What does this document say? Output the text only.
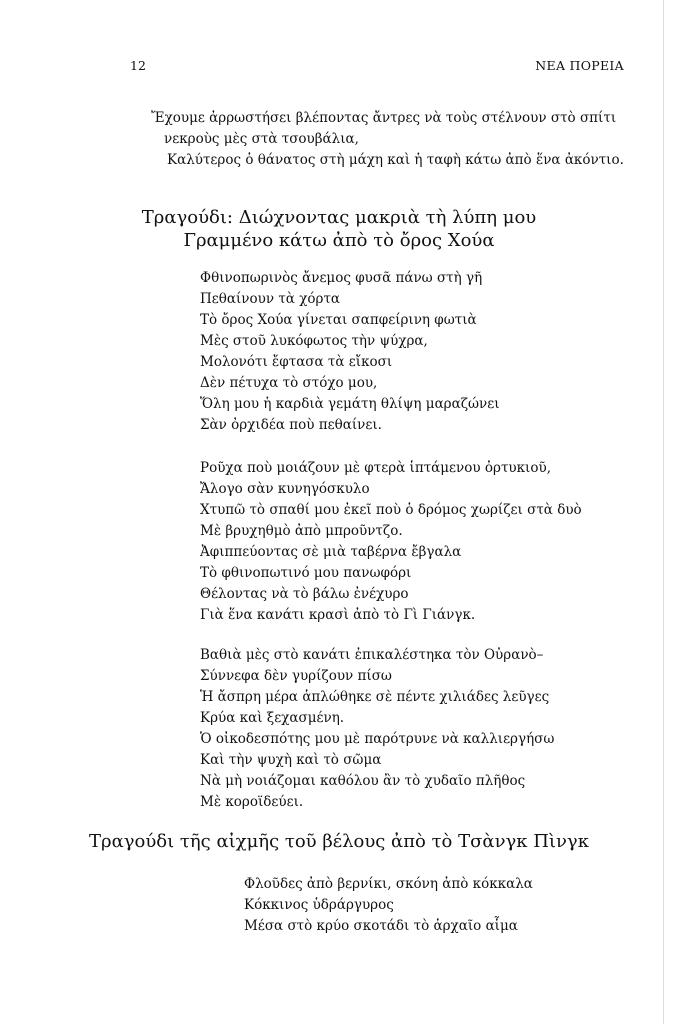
12	ΝΕΑ ΠΟΡΕΙΑ
Ἔχουμε ἀρρωστήσει βλέποντας ἄντρες νὰ τοὺς στέλνουν στὸ σπίτι
νεκροὺς μὲς στὰ τσουβάλια,
Καλύτερος ὁ θάνατος στὴ μάχη καὶ ἡ ταφὴ κάτω ἀπὸ ἕνα ἀκόντιο.
Τραγούδι: Διώχνοντας μακριὰ τὴ λύπη μου
Γραμμένο κάτω ἀπὸ τὸ ὄρος Χούα
Φθινοπωρινὸς ἄνεμος φυσᾶ πάνω στὴ γῆ
Πεθαίνουν τὰ χόρτα
Τὸ ὄρος Χούα γίνεται σαπφείρινη φωτιὰ
Μὲς στοῦ λυκόφωτος τὴν ψύχρα,
Μολονότι ἔφτασα τὰ εἴκοσι
Δὲν πέτυχα τὸ στόχο μου,
Ὅλη μου ἡ καρδιὰ γεμάτη θλίψη μαραζώνει
Σὰν ὀρχιδέα ποὺ πεθαίνει.
Ροῦχα ποὺ μοιάζουν μὲ φτερὰ ἱπτάμενου ὀρτυκιοῦ,
Ἄλογο σὰν κυνηγόσκυλο
Χτυπῶ τὸ σπαθί μου ἐκεῖ ποὺ ὁ δρόμος χωρίζει στὰ δυὸ
Μὲ βρυχηθμὸ ἀπὸ μπροῦντζο.
Ἀφιππεύοντας σὲ μιὰ ταβέρνα ἔβγαλα
Τὸ φθινοπωτινό μου πανωφόρι
Θέλοντας νὰ τὸ βάλω ἐνέχυρο
Γιὰ ἕνα κανάτι κρασὶ ἀπὸ τὸ Γὶ Γιάνγκ.
Βαθιὰ μὲς στὸ κανάτι ἐπικαλέστηκα τὸν Οὐρανὸ–
Σύννεφα δὲν γυρίζουν πίσω
Ἡ ἄσπρη μέρα ἁπλώθηκε σὲ πέντε χιλιάδες λεῦγες
Κρύα καὶ ξεχασμένη.
Ὁ οἰκοδεσπότης μου μὲ παρότρυνε νὰ καλλιεργήσω
Καὶ τὴν ψυχὴ καὶ τὸ σῶμα
Νὰ μὴ νοιάζομαι καθόλου ἂν τὸ χυδαῖο πλῆθος
Μὲ κοροϊδεύει.
Τραγούδι τῆς αἰχμῆς τοῦ βέλους ἀπὸ τὸ Τσὰνγκ Πὶνγκ
Φλοῦδες ἀπὸ βερνίκι, σκόνη ἀπὸ κόκκαλα
Κόκκινος ὑδράργυρος
Μέσα στὸ κρύο σκοτάδι τὸ ἀρχαῖο αἷμα
